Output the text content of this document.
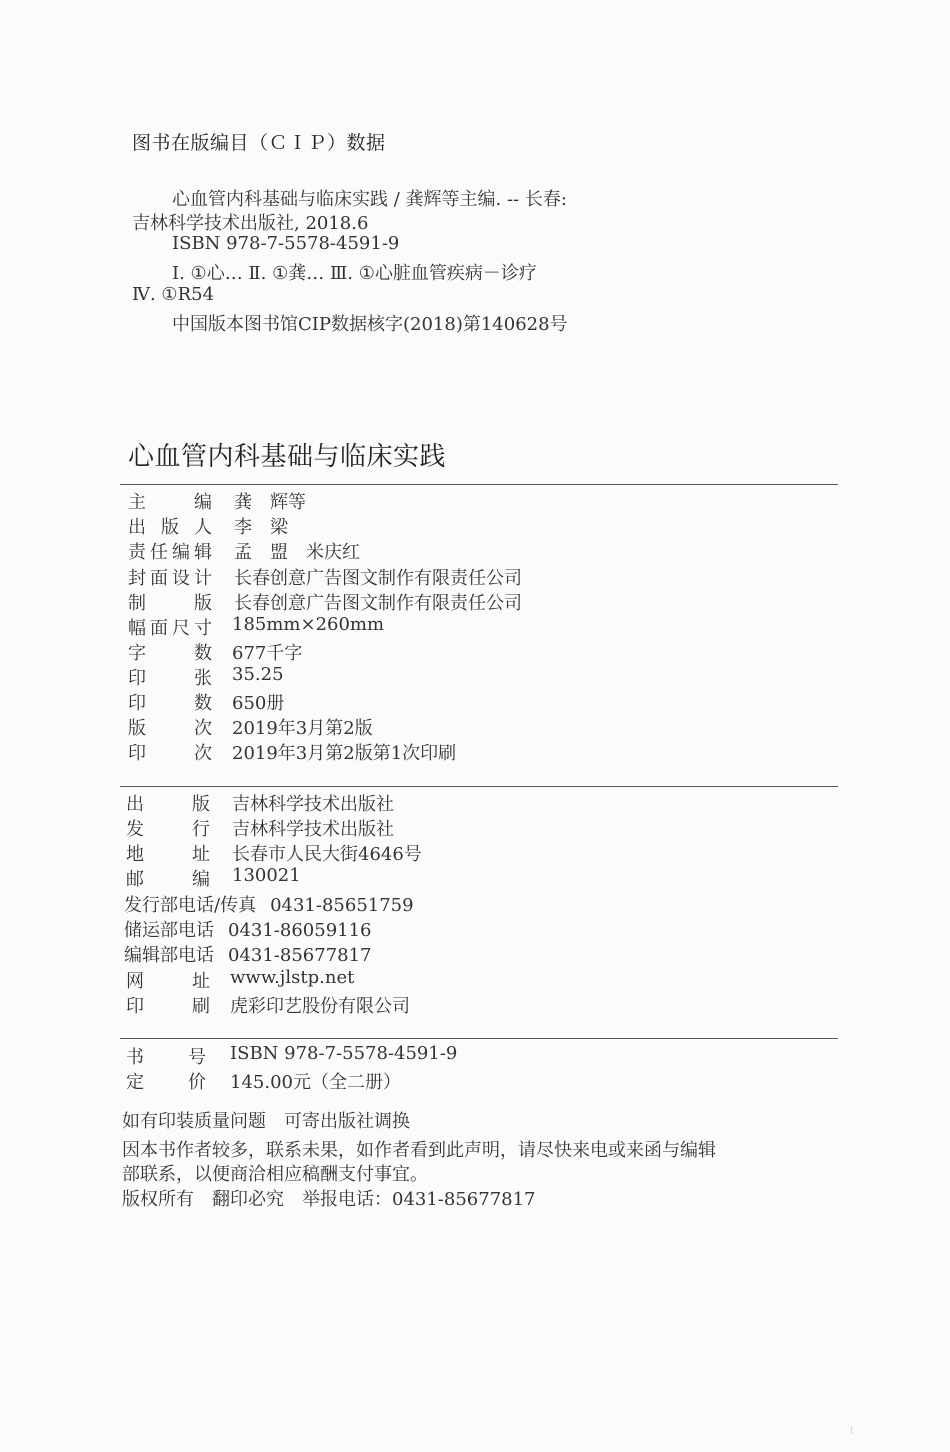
图书在版编目（ＣＩＰ）数据
心血管内科基础与临床实践 / 龚辉等主编. -- 长春:
吉林科学技术出版社, 2018.6
ISBN 978-7-5578-4591-9
Ⅰ. ①心… Ⅱ. ①龚… Ⅲ. ①心脏血管疾病－诊疗
Ⅳ. ①R54
中国版本图书馆CIP数据核字(2018)第140628号
心血管内科基础与临床实践
主	编 龚　辉等
出 版 人 李　梁
责 任 编 辑 孟　盟　米庆红
封 面 设 计 长春创意广告图文制作有限责任公司
制	版 长春创意广告图文制作有限责任公司
幅 面 尺 寸 185mm×260mm
字	数 677千字
印	张 35.25
印	数 650册
版	次 2019年3月第2版
印	次 2019年3月第2版第1次印刷
出	版 吉林科学技术出版社
发	行 吉林科学技术出版社
地	址 长春市人民大街4646号
邮	编 130021
发行部电话/传真 0431-85651759
储运部电话 0431-86059116
编辑部电话 0431-85677817
网	址 www.jlstp.net
印	刷 虎彩印艺股份有限公司
书 号 ISBN 978-7-5578-4591-9
定 价 145.00元（全二册）
如有印装质量问题　可寄出版社调换
因本书作者较多，联系未果，如作者看到此声明，请尽快来电或来函与编辑
部联系，以便商洽相应稿酬支付事宜。
版权所有　翻印必究　举报电话：0431-85677817
⁝
